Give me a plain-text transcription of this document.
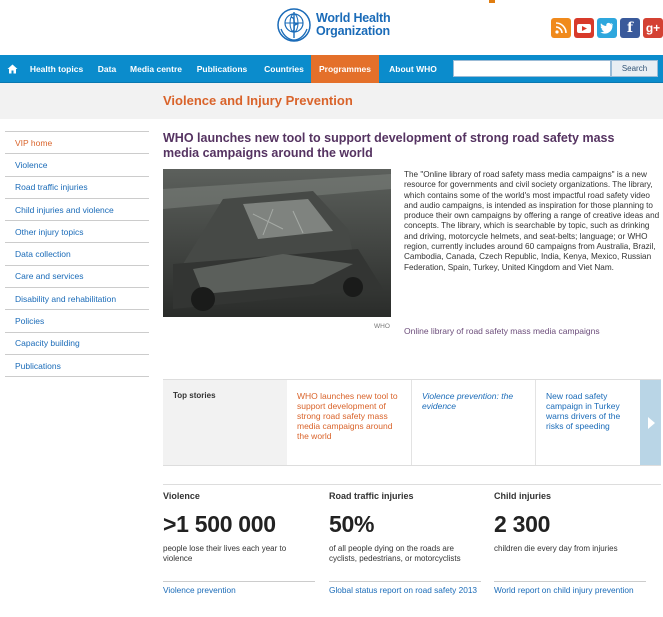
World Health
Organization	f	g+
Health topics	Data	Media centre	Publications	Countries	Programmes	About WHO	Search
Violence and Injury Prevention
VIP home
Violence
Road traffic injuries
Child injuries and violence
Other injury topics
Data collection
Care and services
Disability and rehabilitation
Policies
Capacity building
Publications
WHO launches new tool to support development of strong road safety mass media campaigns around the world
WHO
The "Online library of road safety mass media campaigns" is a new resource for governments and civil society organizations. The library, which contains some of the world's most impactful road safety video and audio campaigns, is intended as inspiration for those planning to produce their own campaigns by offering a range of creative ideas and concepts. The library, which is searchable by topic, such as drinking and driving, motorcycle helmets, and seat-belts; language; or WHO region, currently includes around 60 campaigns from Australia, Brazil, Cambodia, Canada, Czech Republic, India, Kenya, Mexico, Russian Federation, Spain, Turkey, United Kingdom and Viet Nam.
Online library of road safety mass media campaigns
Top stories	WHO launches new tool to support development of strong road safety mass media campaigns around the world
Violence prevention: the evidence
New road safety campaign in Turkey warns drivers of the risks of speeding
Violence
>1 500 000
people lose their lives each year to violence
Violence prevention
Road traffic injuries
50%
of all people dying on the roads are cyclists, pedestrians, or motorcyclists
Global status report on road safety 2013
Child injuries
2 300
children die every day from injuries
World report on child injury prevention
